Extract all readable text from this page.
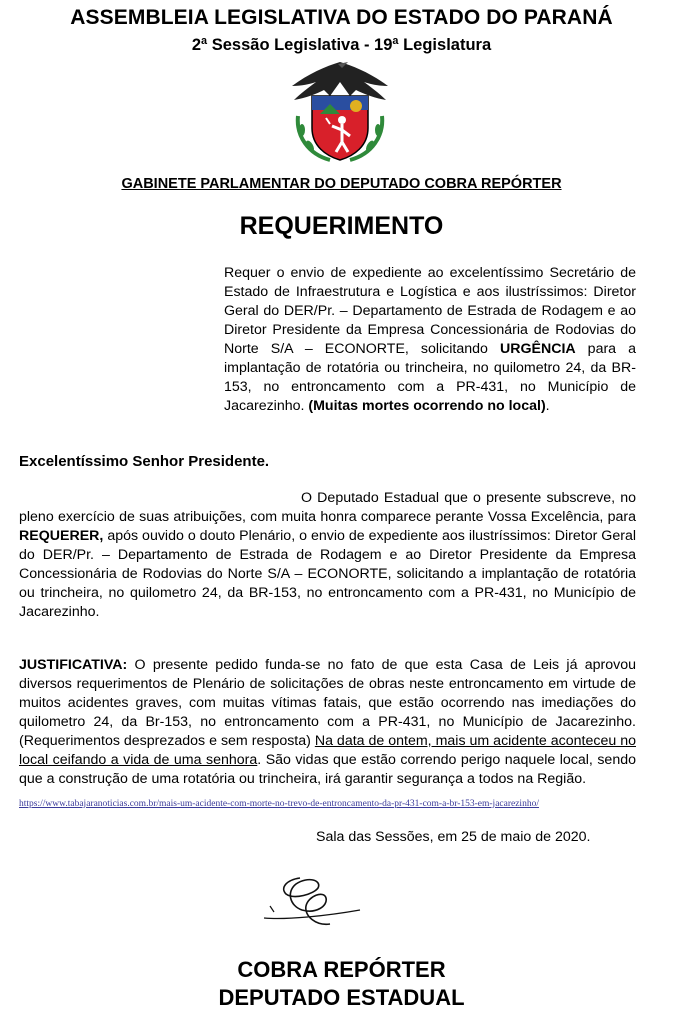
ASSEMBLEIA LEGISLATIVA DO ESTADO DO PARANÁ
2ª Sessão Legislativa - 19ª Legislatura
GABINETE PARLAMENTAR DO DEPUTADO COBRA REPÓRTER
REQUERIMENTO
Requer o envio de expediente ao excelentíssimo Secretário de Estado de Infraestrutura e Logística e aos ilustríssimos: Diretor Geral do DER/Pr. – Departamento de Estrada de Rodagem e ao Diretor Presidente da Empresa Concessionária de Rodovias do Norte S/A – ECONORTE, solicitando URGÊNCIA para a implantação de rotatória ou trincheira, no quilometro 24, da BR-153, no entroncamento com a PR-431, no Município de Jacarezinho. (Muitas mortes ocorrendo no local).
Excelentíssimo Senhor Presidente.
O Deputado Estadual que o presente subscreve, no pleno exercício de suas atribuições, com muita honra comparece perante Vossa Excelência, para REQUERER, após ouvido o douto Plenário, o envio de expediente aos ilustríssimos: Diretor Geral do DER/Pr. – Departamento de Estrada de Rodagem e ao Diretor Presidente da Empresa Concessionária de Rodovias do Norte S/A – ECONORTE, solicitando a implantação de rotatória ou trincheira, no quilometro 24, da BR-153, no entroncamento com a PR-431, no Município de Jacarezinho.
JUSTIFICATIVA: O presente pedido funda-se no fato de que esta Casa de Leis já aprovou diversos requerimentos de Plenário de solicitações de obras neste entroncamento em virtude de muitos acidentes graves, com muitas vítimas fatais, que estão ocorrendo nas imediações do quilometro 24, da Br-153, no entroncamento com a PR-431, no Município de Jacarezinho. (Requerimentos desprezados e sem resposta) Na data de ontem, mais um acidente aconteceu no local ceifando a vida de uma senhora. São vidas que estão correndo perigo naquele local, sendo que a construção de uma rotatória ou trincheira, irá garantir segurança a todos na Região.
https://www.tabajaranoticias.com.br/mais-um-acidente-com-morte-no-trevo-de-entroncamento-da-pr-431-com-a-br-153-em-jacarezinho/
Sala das Sessões, em 25 de maio de 2020.
COBRA REPÓRTER
DEPUTADO ESTADUAL
